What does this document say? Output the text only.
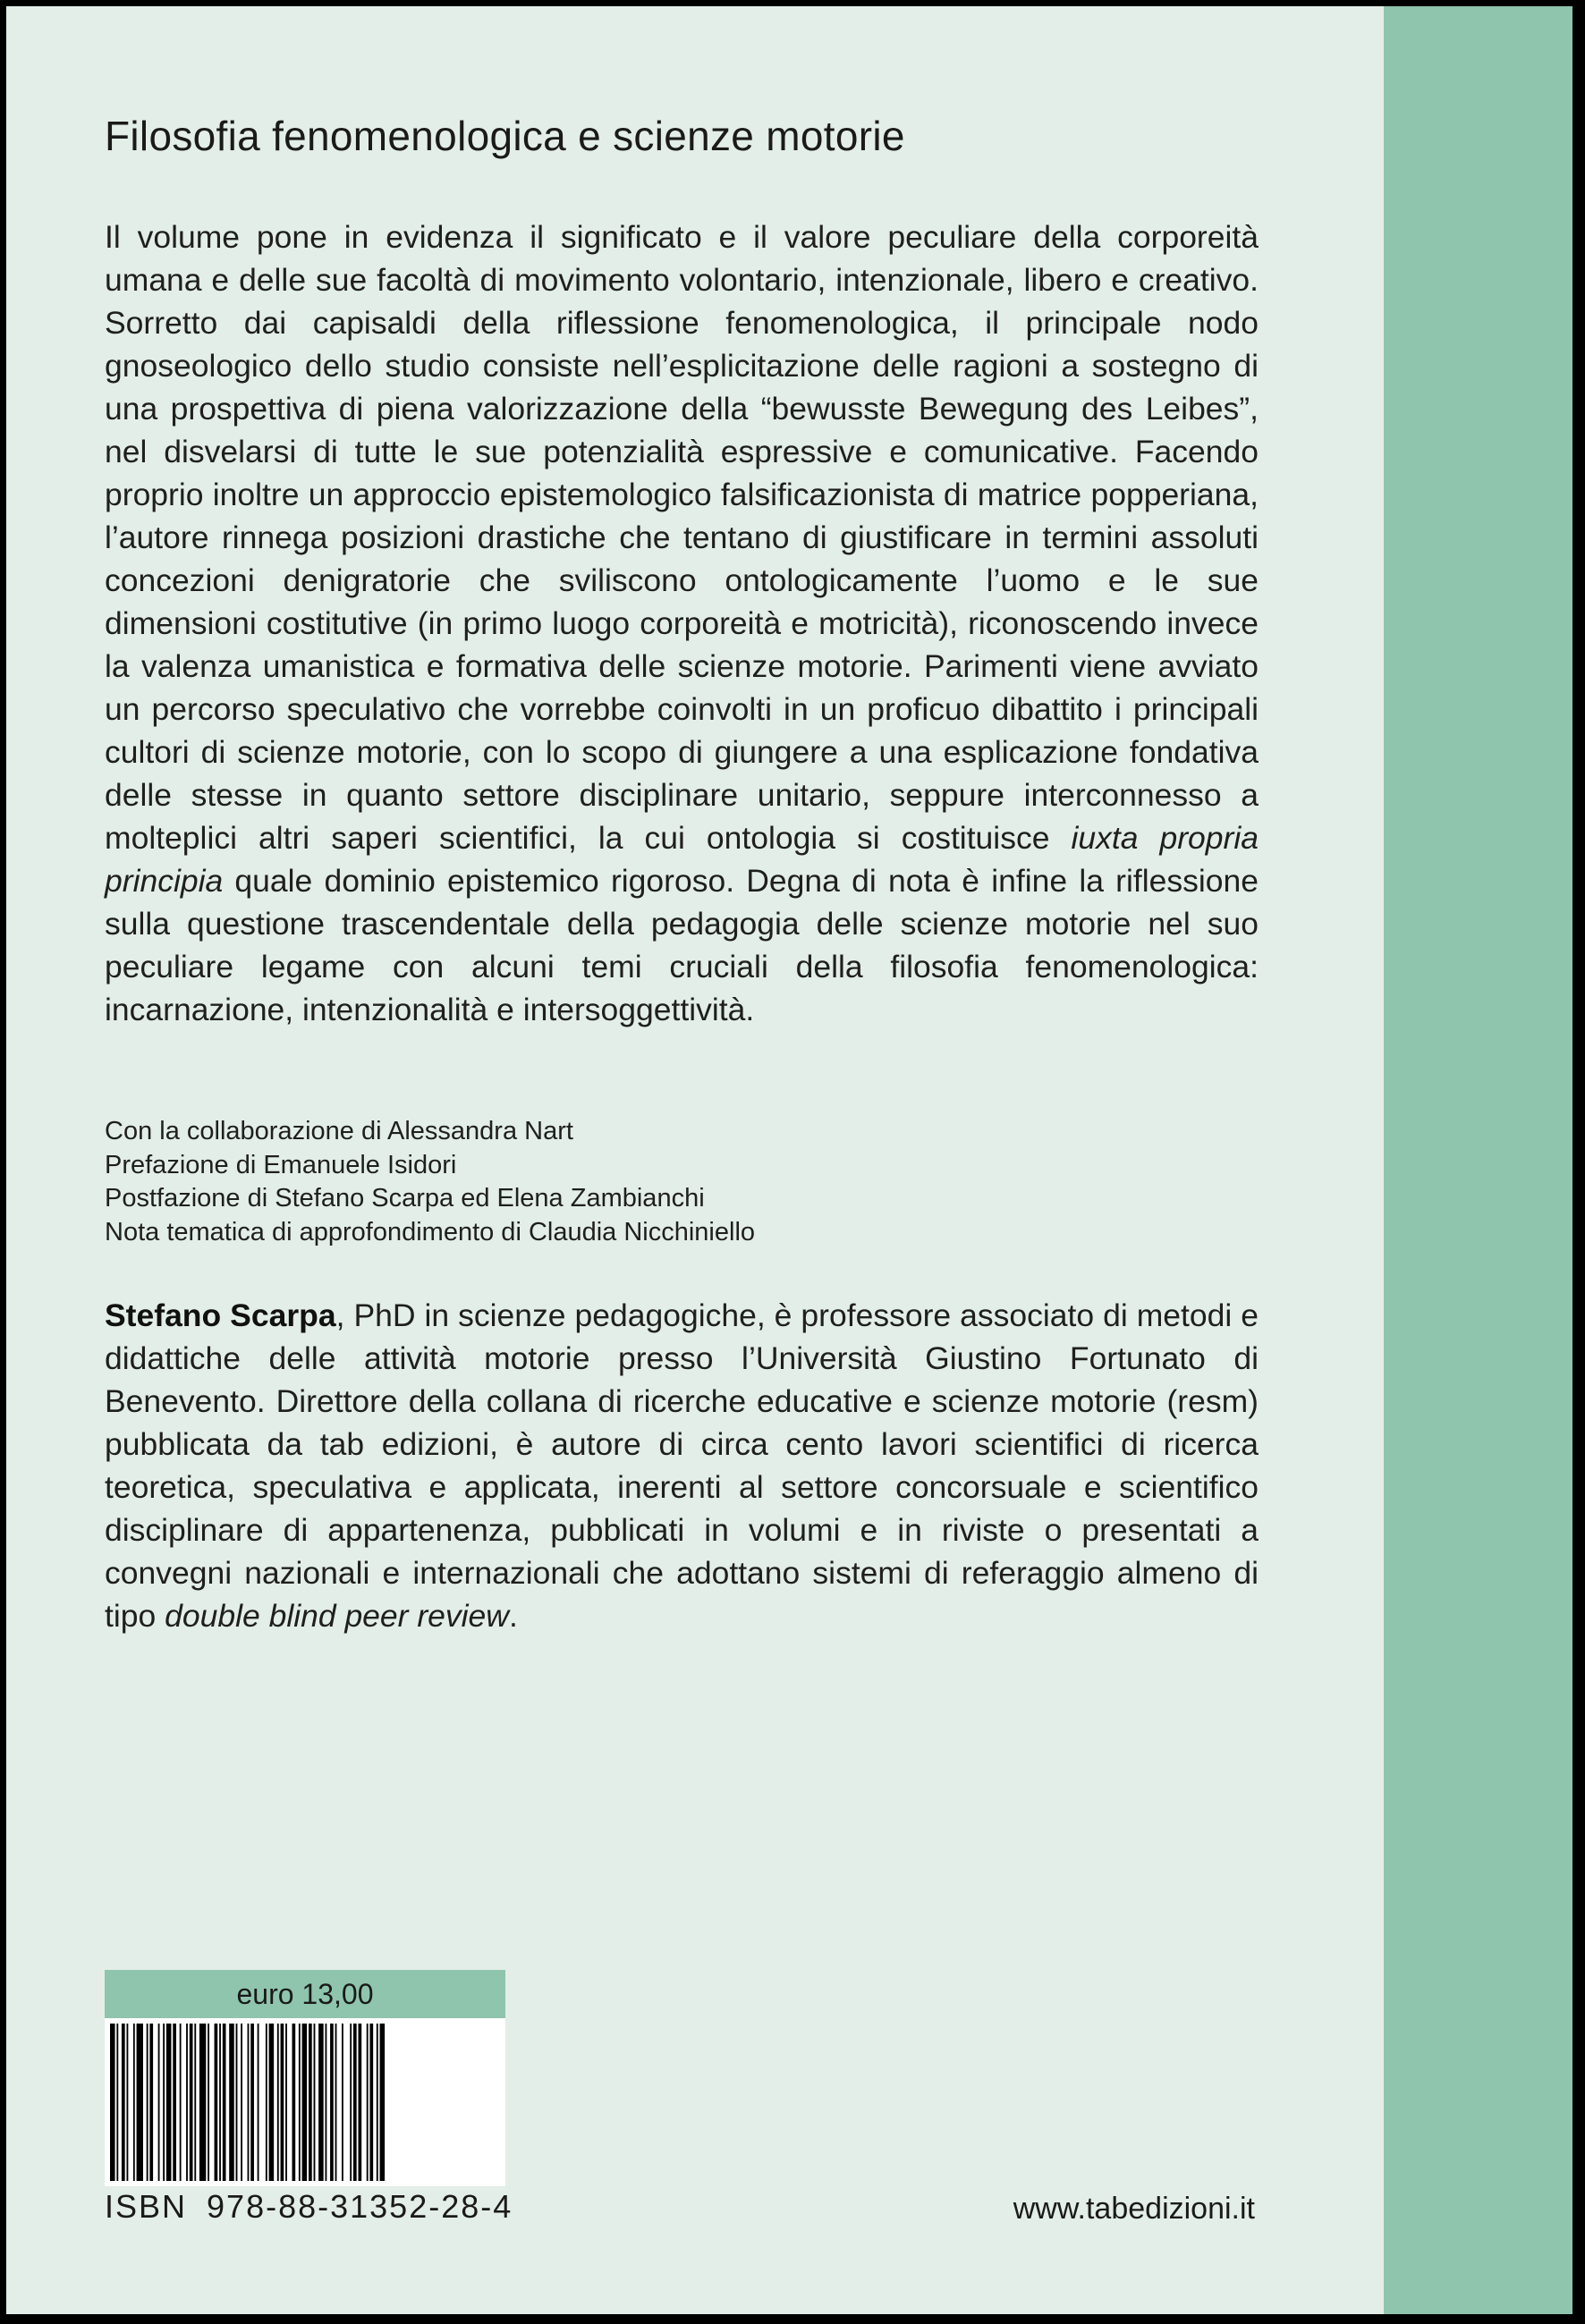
Filosofia fenomenologica e scienze motorie

Il volume pone in evidenza il significato e il valore peculiare della corporeità umana e delle sue facoltà di movimento volontario, intenzionale, libero e creativo. Sorretto dai capisaldi della riflessione fenomenologica, il principale nodo gnoseologico dello studio consiste nell’esplicitazione delle ragioni a sostegno di una prospettiva di piena valorizzazione della “bewusste Bewegung des Leibes”, nel disvelarsi di tutte le sue potenzialità espressive e comunicative. Facendo proprio inoltre un approccio epistemologico falsificazionista di matrice popperiana, l’autore rinnega posizioni drastiche che tentano di giustificare in termini assoluti concezioni denigratorie che sviliscono ontologicamente l’uomo e le sue dimensioni costitutive (in primo luogo corporeità e motricità), riconoscendo invece la valenza umanistica e formativa delle scienze motorie. Parimenti viene avviato un percorso speculativo che vorrebbe coinvolti in un proficuo dibattito i principali cultori di scienze motorie, con lo scopo di giungere a una esplicazione fondativa delle stesse in quanto settore disciplinare unitario, seppure interconnesso a molteplici altri saperi scientifici, la cui ontologia si costituisce iuxta propria principia quale dominio epistemico rigoroso. Degna di nota è infine la riflessione sulla questione trascendentale della pedagogia delle scienze motorie nel suo peculiare legame con alcuni temi cruciali della filosofia fenomenologica: incarnazione, intenzionalità e intersoggettività.

Con la collaborazione di Alessandra Nart
Prefazione di Emanuele Isidori
Postfazione di Stefano Scarpa ed Elena Zambianchi
Nota tematica di approfondimento di Claudia Nicchiniello

Stefano Scarpa, PhD in scienze pedagogiche, è professore associato di metodi e didattiche delle attività motorie presso l’Università Giustino Fortunato di Benevento. Direttore della collana di ricerche educative e scienze motorie (resm) pubblicata da tab edizioni, è autore di circa cento lavori scientifici di ricerca teoretica, speculativa e applicata, inerenti al settore concorsuale e scientifico disciplinare di appartenenza, pubblicati in volumi e in riviste o presentati a convegni nazionali e internazionali che adottano sistemi di referaggio almeno di tipo double blind peer review.

euro 13,00
ISBN 978-88-31352-28-4	www.tabedizioni.it
